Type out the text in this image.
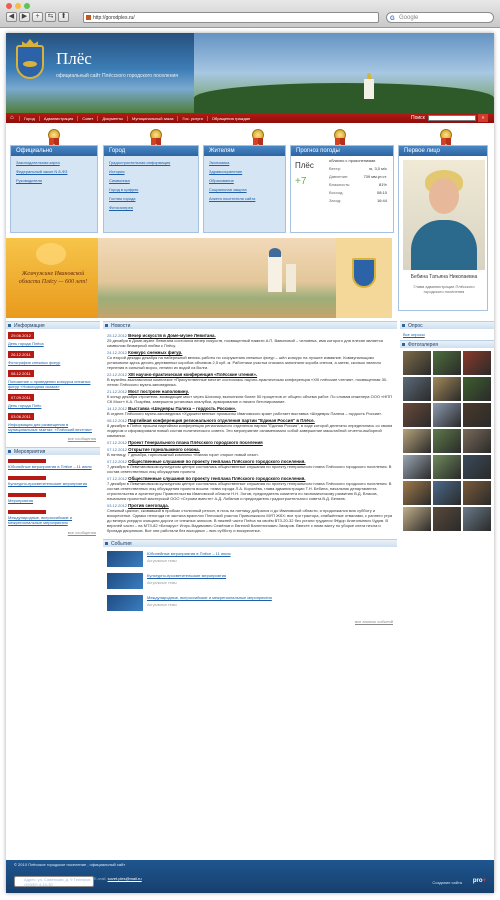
◀	▶	+	⇆	⬆	http://gorodples.ru/	G Google
Плёс
официальный сайт Плёсского городского поселения
⌂	Город	Администрация	Совет	Документы	Муниципальный заказ	Гос. услуги	Обращения граждан	Поиск	»
Официально
Законодательная карта
Федеральный закон N 8-ФЗ
Руководители
Город
Градостроительная информация
История
Символика
Город в цифрах
Гостям города
Фотогалерея
Жителям
Экономика
Здравоохранение
Образование
Социальная защита
Анкета посетителя сайта
Прогноз погоды
Плёс
+7
облачно с прояснениями
Ветер:	ю, 3,0 м/с
Давление:	739 мм.рт.ст.
Влажность:	81%
Восход:	08:10
Заход:	16:44
Первое лицо
Бебина Татьяна Николаевна
Глава администрации Плёсского городского поселения
Жемчужине Ивановской области Плёсу — 600 лет!
Информация
29.06.2012
День города Плёса
26.12.2011
Фотография снежных фигур
08.12.2011
Положение о проведении конкурса снежных фигур «Новогодняя сказка»
07.09.2011
День города Плёс
03.06.2011
Информация для размещения в муниципальных газетах: «Плёсский вестник»
все сообщения
Мероприятия
Юбилейные мероприятия в Плёсе – 11 июля
Культурно-просветительские мероприятия
Мероприятия
Международные, всероссийские и межрегиональные мероприятия
все сообщения
Новости
25.12.2012 Вечер искусств в Доме-музее Левитана.
25 декабря в Доме-музее Левитана состоялся вечер искусств, посвященный памяти А.П. Вавиловой – человека, имя которого для плесян является символом безмерной любви к Плёсу.
24.12.2012 Конкурс снежных фигур.
Со второй декады декабря на набережной велись работы по сооружению снежных фигур – шёл конкурс на лучшее изваяние. Коммунальщики установили здесь десять деревянных коробов объемом 2,5 куб. м. Работники участка сначала заполняли короба снегом, а затем, сколько хватило терпения в сильный мороз, лепили их водой из Волги.
22.12.2012 XIII научно-практическая конференция «Плёсские чтения».
В музейно-выставочном комплексе «Присутственные места» состоялась научно-практическая конференция «XIII плёсские чтения», посвященная 30-летию Плёсского музея-заповедника.
21.12.2012 Мост построен наполовину.
К концу декабря строители, возводящие мост через Шохонку, выполнили более 50 процентов от общего объема работ. По словам инженера ООО «НПП СК Мост» К.А. Псарёва, завершена установка опалубки, армирование и начато бетонирование.
14.12.2012 Выставка «Шедевры Палеха – гордость России».
В отделе Плёсского музея-заповедника «Художественные промыслы Ивановского края» работает выставка «Шедевры Палеха – гордость России».
08.12.2012 Партийная конференция регионального отделения партии "Единая Россия" в Плёсе.
8 декабря в Плёсе прошла партийная конференция регионального отделения партии "Единая Россия", в ходе которой делегаты определились со своим лидером и сформировали новый состав политического совета. Это мероприятие ознаменовало собой завершение масштабной отчетно-выборной кампании.
07.12.2012 Проект Генерального плана Плёсского городского поселения
07.12.2012 Открытие горнолыжного сезона.
В пятницу, 7 декабря, горнолыжный комплекс «Милая гора» открыл новый сезон.
07.12.2012 Общественные слушания по проекту генплана Плёсского городского поселения.
7 декабря в Левитановском культурном центре состоялись общественные слушания по проекту генерального плана Плёсского городского поселения. В состав ответственных лиц обсуждения проекта
07.12.2012 Общественные слушания по проекту генплана Плёсского городского поселения.
7 декабря в Левитановском культурном центре состоялись общественные слушания по проекту генерального плана Плёсского городского поселения. В состав ответственных лиц обсуждения проекта вошли: глава города Л.А. Королёва, глава администрации Т.Н. Бебина, начальник департамента строительства и архитектуры Правительства Ивановской области Н.Н. Зотов, председатель комитета по экономическому развитию В.Д. Власов, начальник проектной мастерской ООО «Строим вместе» А.Д. Лобанов и председатель градостроительного совета В.Д. Беляев.
03.12.2012 Против снегопада.
Снежный циклон, сковавший в пробках столичный регион, в ночь на пятницу добрался и до Ивановской области, и продолжался всю субботу и воскресенье. Однако непогода не застала врасплох Плесский участок Приволжского МУП ЖКХ: все три трактора, снабжённые отвалами, с раннего утра до вечера усердно очищали дороги от снежных заносов. В нижней части Плёса на своём ВТЗ-20-32 без устали трудился Фёдор Анатольевич Чудов. В верхней части – на МТЗ-82 «Беларус» Игорь Вадимович Семёнов и Евгений Валентинович Захаров. Вместе с ними вахту по уборке снега несла и бригада дворников. Все они работали без выходных – всю субботу и воскресенье.
События
Юбилейные мероприятия в Плёсе – 11 июля
Актуальные темы
Культурно-просветительские мероприятия
Актуальные темы
Международные, всероссийские и межрегиональные мероприятия
Актуальные темы
все анонсы событий
Опрос
Все опросы
Фотогалерея
© 2010 Плёсское городское поселение , официальный сайт
Адрес: ул. Советская, д. 9 Телефон: (49339) 4-10-30
E-mail: sovet.ples@mail.ru
Создание сайта pro+
